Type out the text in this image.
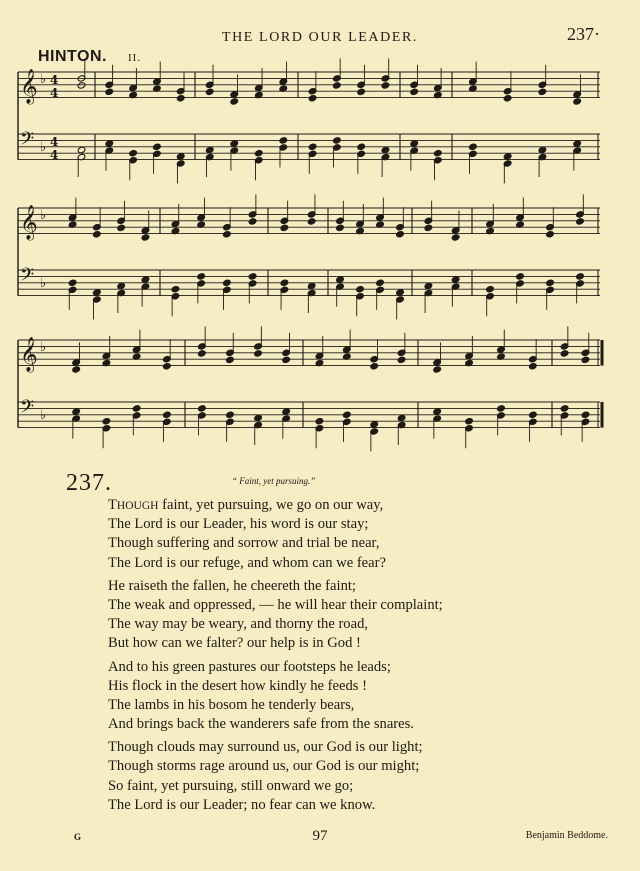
THE LORD OUR LEADER.	237·
HINTON. II.
𝄞 ♭ 4
4
𝄢 ♭ 4
4
𝄞 ♭
𝄢 ♭
𝄞 ♭
𝄢 ♭
237.	“ Faint, yet pursuing.”
THOUGH faint, yet pursuing, we go on our way,
The Lord is our Leader, his word is our stay;
Though suffering and sorrow and trial be near,
The Lord is our refuge, and whom can we fear?
He raiseth the fallen, he cheereth the faint;
The weak and oppressed, — he will hear their complaint;
The way may be weary, and thorny the road,
But how can we falter? our help is in God !
And to his green pastures our footsteps he leads;
His flock in the desert how kindly he feeds !
The lambs in his bosom he tenderly bears,
And brings back the wanderers safe from the snares.
Though clouds may surround us, our God is our light;
Though storms rage around us, our God is our might;
So faint, yet pursuing, still onward we go;
The Lord is our Leader; no fear can we know.
G	97	Benjamin Beddome.
